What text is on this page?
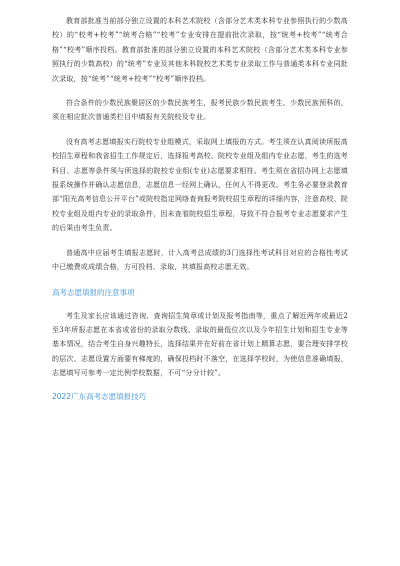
教育部批准当前部分独立设置的本科艺术院校（含部分艺术类本科专业参照执行的少数高校）的“校考+校考”“统考合格”“校考”专业安排在提前批次录取，按“统考+校考”“统考合格”“校考”顺序投档。教育部批准的部分独立设置的本科艺术院校（含部分艺术类本科专业参照执行的少数高校）的“统考”专业及其他本科院校艺术类专业录取工作与普通类本科专业同批次录取，按“统考”“统考+校考”“校考”顺序投档。

符合条件的少数民族聚居区的少数民族考生，报考民族少数民族考生、少数民族预科的，须在相应批次普通类栏目中填报有关院校及专业。

没有高考志愿填报实行院校专业组模式，采取网上填报的方式。考生须在认真阅读所报高校招生章程和我省招生工作规定后，选择报考高校、院校专业组及组内专业志愿，考生的选考科目、志愿等条件须与所选择的院校专业组(专业)志愿要求相符。考生须在省招办网上志愿填报系统操作并确认志愿信息，志愿信息一经网上确认，任何人不得更改。考生务必要登录教育部“阳光高考信息公开平台”或院校指定网络查询报考院校招生章程的详细内容，注意高校、院校专业组及组内专业的录取条件，因未查看院校招生章程，导致不符合报考专业志愿要求产生的后果由考生负责。

普通高中应届考生填报志愿时，计入高考总成绩的3门选择性考试科目对应的合格性考试中已缴费或成绩合格，方可投档、录取，其填报高校志愿无效。

高考志愿填报的注意事项

考生及家长应该通过咨询、查询招生简章或计划及报考指南等，重点了解近两年或最近2至3年所报志愿在本省或省份的录取分数线、录取的最低位次以及今年招生计划和招生专业等基本情况，结合考生自身兴趣特长，选择结果并在好前在省计划上精算志愿，要合理安排学校的层次、志愿设置方面要有梯度的，确保投档时不落空，在选择学校时，为使信息准确填报，志愿填写可参考一定比例学校数据，不可“分分计较”。

2022广东高考志愿填报技巧
